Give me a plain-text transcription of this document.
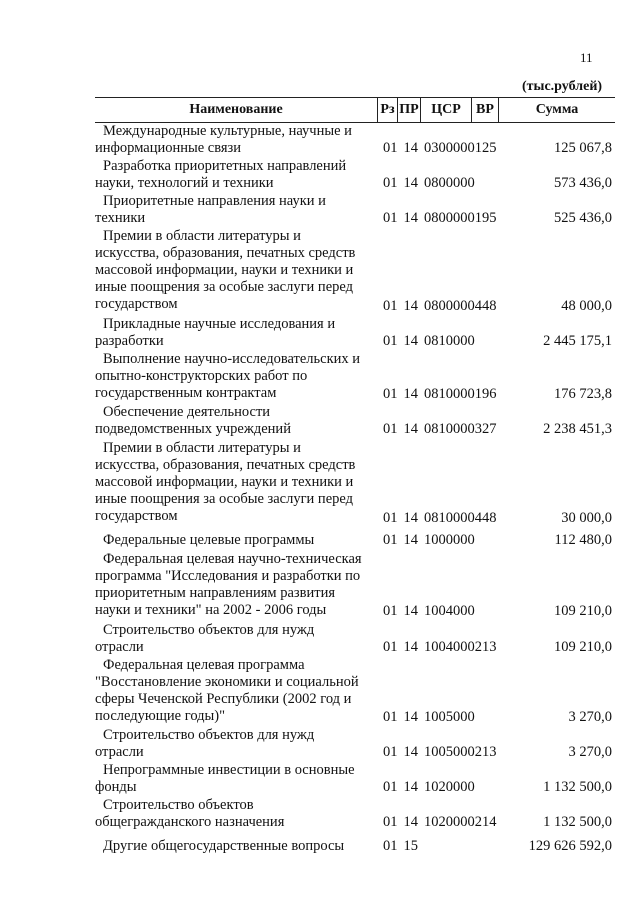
11
(тыс.рублей)
Наименование	Рз ПР ЦСР	ВР	Сумма
Международные культурные, научные и
информационные связи	01 14 0300000125	125 067,8
Разработка приоритетных направлений
науки, технологий и техники	01 14 0800000	573 436,0
Приоритетные направления науки и
техники	01 14 0800000195	525 436,0
Премии в области литературы и
искусства, образования, печатных средств
массовой информации, науки и техники и
иные поощрения за особые заслуги перед
государством	01 14 0800000448	48 000,0
Прикладные научные исследования и
разработки	01 14 0810000	2 445 175,1
Выполнение научно-исследовательских и
опытно-конструкторских работ по
государственным контрактам	01 14 0810000196	176 723,8
Обеспечение деятельности
подведомственных учреждений	01 14 0810000327	2 238 451,3
Премии в области литературы и
искусства, образования, печатных средств
массовой информации, науки и техники и
иные поощрения за особые заслуги перед
государством	01 14 0810000448	30 000,0
Федеральные целевые программы	01 14 1000000	112 480,0
Федеральная целевая научно-техническая
программа "Исследования и разработки по
приоритетным направлениям развития
науки и техники" на 2002 - 2006 годы	01 14 1004000	109 210,0
Строительство объектов для нужд
отрасли	01 14 1004000213	109 210,0
Федеральная целевая программа
"Восстановление экономики и социальной
сферы Чеченской Республики (2002 год и
последующие годы)"	01 14 1005000	3 270,0
Строительство объектов для нужд
отрасли	01 14 1005000213	3 270,0
Непрограммные инвестиции в основные
фонды	01 14 1020000	1 132 500,0
Строительство объектов
общегражданского назначения	01 14 1020000214	1 132 500,0
Другие общегосударственные вопросы	01 15	129 626 592,0
